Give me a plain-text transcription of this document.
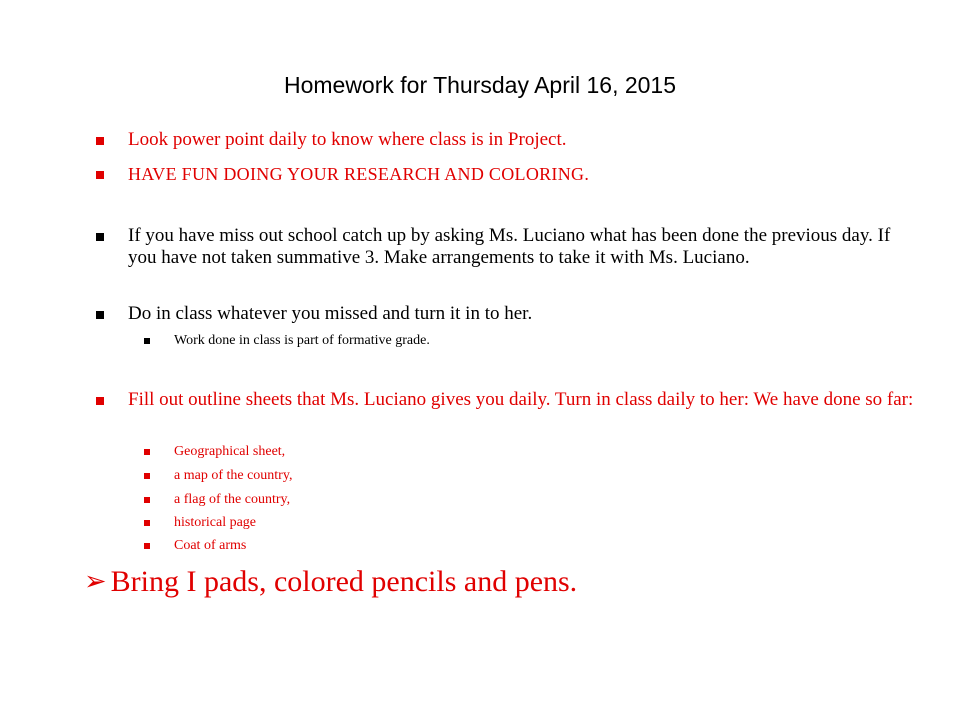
Homework for Thursday April 16, 2015
Look power point daily to know where class is in Project.
HAVE FUN DOING YOUR RESEARCH AND COLORING.
If you have miss out school catch up by asking Ms. Luciano what has been done the previous day. If you have not taken summative 3. Make arrangements to take it with Ms. Luciano.
Do in class whatever you missed and turn it in to her.
Work done in class is part of formative grade.
Fill out outline sheets that Ms. Luciano gives you daily. Turn in class daily to her: We have done so far:
Geographical sheet,
a map of the country,
a flag of the country,
historical page
Coat of arms
➢ Bring I pads, colored pencils and pens.
